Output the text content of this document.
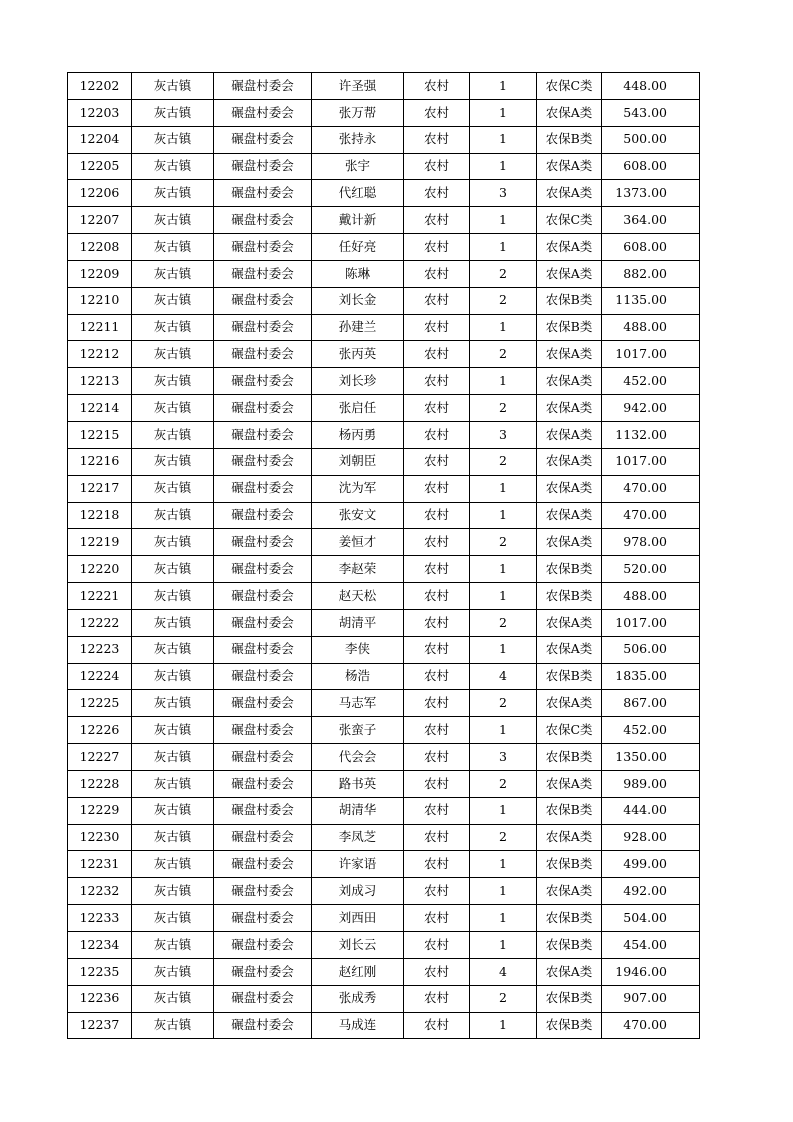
12202	灰古镇	碾盘村委会	许圣强	农村	1	农保C类	448.00
12203	灰古镇	碾盘村委会	张万帮	农村	1	农保A类	543.00
12204	灰古镇	碾盘村委会	张持永	农村	1	农保B类	500.00
12205	灰古镇	碾盘村委会	张宇	农村	1	农保A类	608.00
12206	灰古镇	碾盘村委会	代红聪	农村	3	农保A类	1373.00
12207	灰古镇	碾盘村委会	戴计新	农村	1	农保C类	364.00
12208	灰古镇	碾盘村委会	任好亮	农村	1	农保A类	608.00
12209	灰古镇	碾盘村委会	陈琳	农村	2	农保A类	882.00
12210	灰古镇	碾盘村委会	刘长金	农村	2	农保B类	1135.00
12211	灰古镇	碾盘村委会	孙建兰	农村	1	农保B类	488.00
12212	灰古镇	碾盘村委会	张丙英	农村	2	农保A类	1017.00
12213	灰古镇	碾盘村委会	刘长珍	农村	1	农保A类	452.00
12214	灰古镇	碾盘村委会	张启任	农村	2	农保A类	942.00
12215	灰古镇	碾盘村委会	杨丙勇	农村	3	农保A类	1132.00
12216	灰古镇	碾盘村委会	刘朝臣	农村	2	农保A类	1017.00
12217	灰古镇	碾盘村委会	沈为军	农村	1	农保A类	470.00
12218	灰古镇	碾盘村委会	张安文	农村	1	农保A类	470.00
12219	灰古镇	碾盘村委会	姜恒才	农村	2	农保A类	978.00
12220	灰古镇	碾盘村委会	李赵荣	农村	1	农保B类	520.00
12221	灰古镇	碾盘村委会	赵天松	农村	1	农保B类	488.00
12222	灰古镇	碾盘村委会	胡清平	农村	2	农保A类	1017.00
12223	灰古镇	碾盘村委会	李侠	农村	1	农保A类	506.00
12224	灰古镇	碾盘村委会	杨浩	农村	4	农保B类	1835.00
12225	灰古镇	碾盘村委会	马志军	农村	2	农保A类	867.00
12226	灰古镇	碾盘村委会	张蛮子	农村	1	农保C类	452.00
12227	灰古镇	碾盘村委会	代会会	农村	3	农保B类	1350.00
12228	灰古镇	碾盘村委会	路书英	农村	2	农保A类	989.00
12229	灰古镇	碾盘村委会	胡清华	农村	1	农保B类	444.00
12230	灰古镇	碾盘村委会	李凤芝	农村	2	农保A类	928.00
12231	灰古镇	碾盘村委会	许家语	农村	1	农保B类	499.00
12232	灰古镇	碾盘村委会	刘成习	农村	1	农保A类	492.00
12233	灰古镇	碾盘村委会	刘西田	农村	1	农保B类	504.00
12234	灰古镇	碾盘村委会	刘长云	农村	1	农保B类	454.00
12235	灰古镇	碾盘村委会	赵红刚	农村	4	农保A类	1946.00
12236	灰古镇	碾盘村委会	张成秀	农村	2	农保B类	907.00
12237	灰古镇	碾盘村委会	马成连	农村	1	农保B类	470.00
